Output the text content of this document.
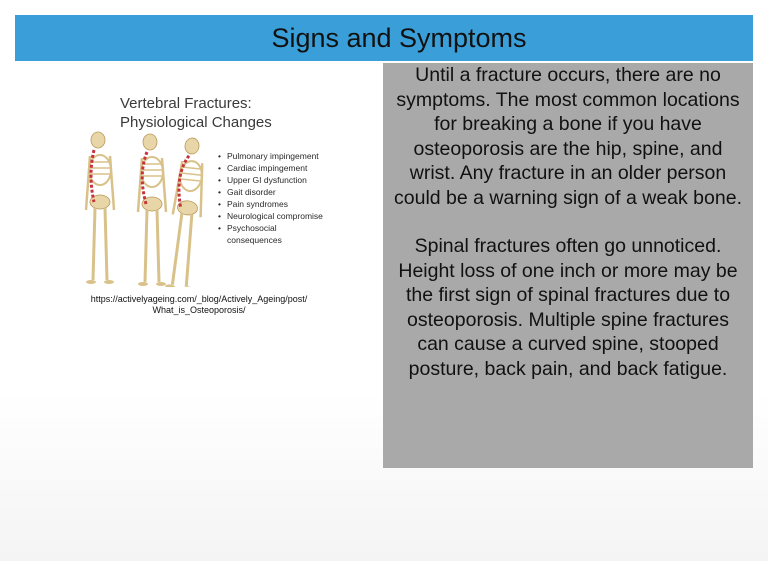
Signs and Symptoms
Vertebral Fractures:
Physiological Changes
• Pulmonary impingement
• Cardiac impingement
• Upper GI dysfunction
• Gait disorder
• Pain syndromes
• Neurological compromise
• Psychosocial consequences
https://activelyageing.com/_blog/Actively_Ageing/post/
What_is_Osteoporosis/

Until a fracture occurs, there are no symptoms. The most common locations for breaking a bone if you have osteoporosis are the hip, spine, and wrist. Any fracture in an older person could be a warning sign of a weak bone.

Spinal fractures often go unnoticed. Height loss of one inch or more may be the first sign of spinal fractures due to osteoporosis. Multiple spine fractures can cause a curved spine, stooped posture, back pain, and back fatigue.
